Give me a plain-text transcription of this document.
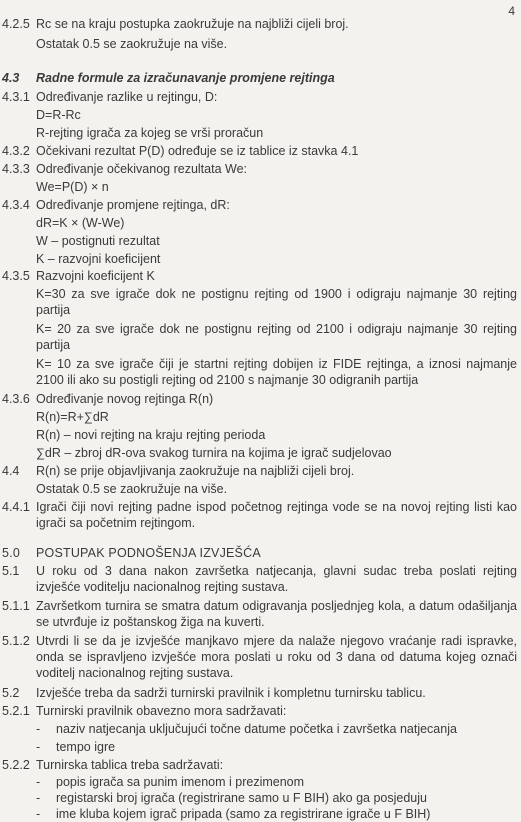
4
4.2.5 Rc se na kraju postupka zaokružuje na najbliži cijeli broj.
Ostatak 0.5 se zaokružuje na više.
4.3 Radne formule za izračunavanje promjene rejtinga
4.3.1 Određivanje razlike u rejtingu, D:
D=R-Rc
R-rejting igrača za kojeg se vrši proračun
4.3.2 Očekivani rezultat P(D) određuje se iz tablice iz stavka 4.1
4.3.3 Određivanje očekivanog rezultata We:
We=P(D) × n
4.3.4 Određivanje promjene rejtinga, dR:
dR=K × (W-We)
W – postignuti rezultat
K – razvojni koeficijent
4.3.5 Razvojni koeficijent K
K=30 za sve igrače dok ne postignu rejting od 1900 i odigraju najmanje 30 rejting partija
K= 20 za sve igrače dok ne postignu rejting od 2100 i odigraju najmanje 30 rejting partija
K= 10 za sve igrače čiji je startni rejting dobijen iz FIDE rejtinga, a iznosi najmanje 2100 ili ako su postigli rejting od 2100 s najmanje 30 odigranih partija
4.3.6 Određivanje novog rejtinga R(n)
R(n)=R+∑dR
R(n) – novi rejting na kraju rejting perioda
∑dR – zbroj dR-ova svakog turnira na kojima je igrač sudjelovao
4.4 R(n) se prije objavljivanja zaokružuje na najbliži cijeli broj.
Ostatak 0.5 se zaokružuje na više.
4.4.1 Igrači čiji novi rejting padne ispod početnog rejtinga vode se na novoj rejting listi kao igrači sa početnim rejtingom.
5.0 POSTUPAK PODNOŠENJA IZVJEŠĆA
5.1 U roku od 3 dana nakon završetka natjecanja, glavni sudac treba poslati rejting izvješće voditelju nacionalnog rejting sustava.
5.1.1 Završetkom turnira se smatra datum odigravanja posljednjeg kola, a datum odašiljanja se utvrđuje iz poštanskog žiga na kuverti.
5.1.2 Utvrdi li se da je izvješće manjkavo mjere da nalaže njegovo vraćanje radi ispravke, onda se ispravljeno izvješće mora poslati u roku od 3 dana od datuma kojeg označi voditelj nacionalnog rejting sustava.
5.2 Izvješće treba da sadrži turnirski pravilnik i kompletnu turnirsku tablicu.
5.2.1 Turnirski pravilnik obavezno mora sadržavati:
- naziv natjecanja uključujući točne datume početka i završetka natjecanja
- tempo igre
5.2.2 Turnirska tablica treba sadržavati:
- popis igrača sa punim imenom i prezimenom
- registarski broj igrača (registrirane samo u F BIH) ako ga posjeduju
- ime kluba kojem igrač pripada (samo za registrirane igrače u F BIH)
